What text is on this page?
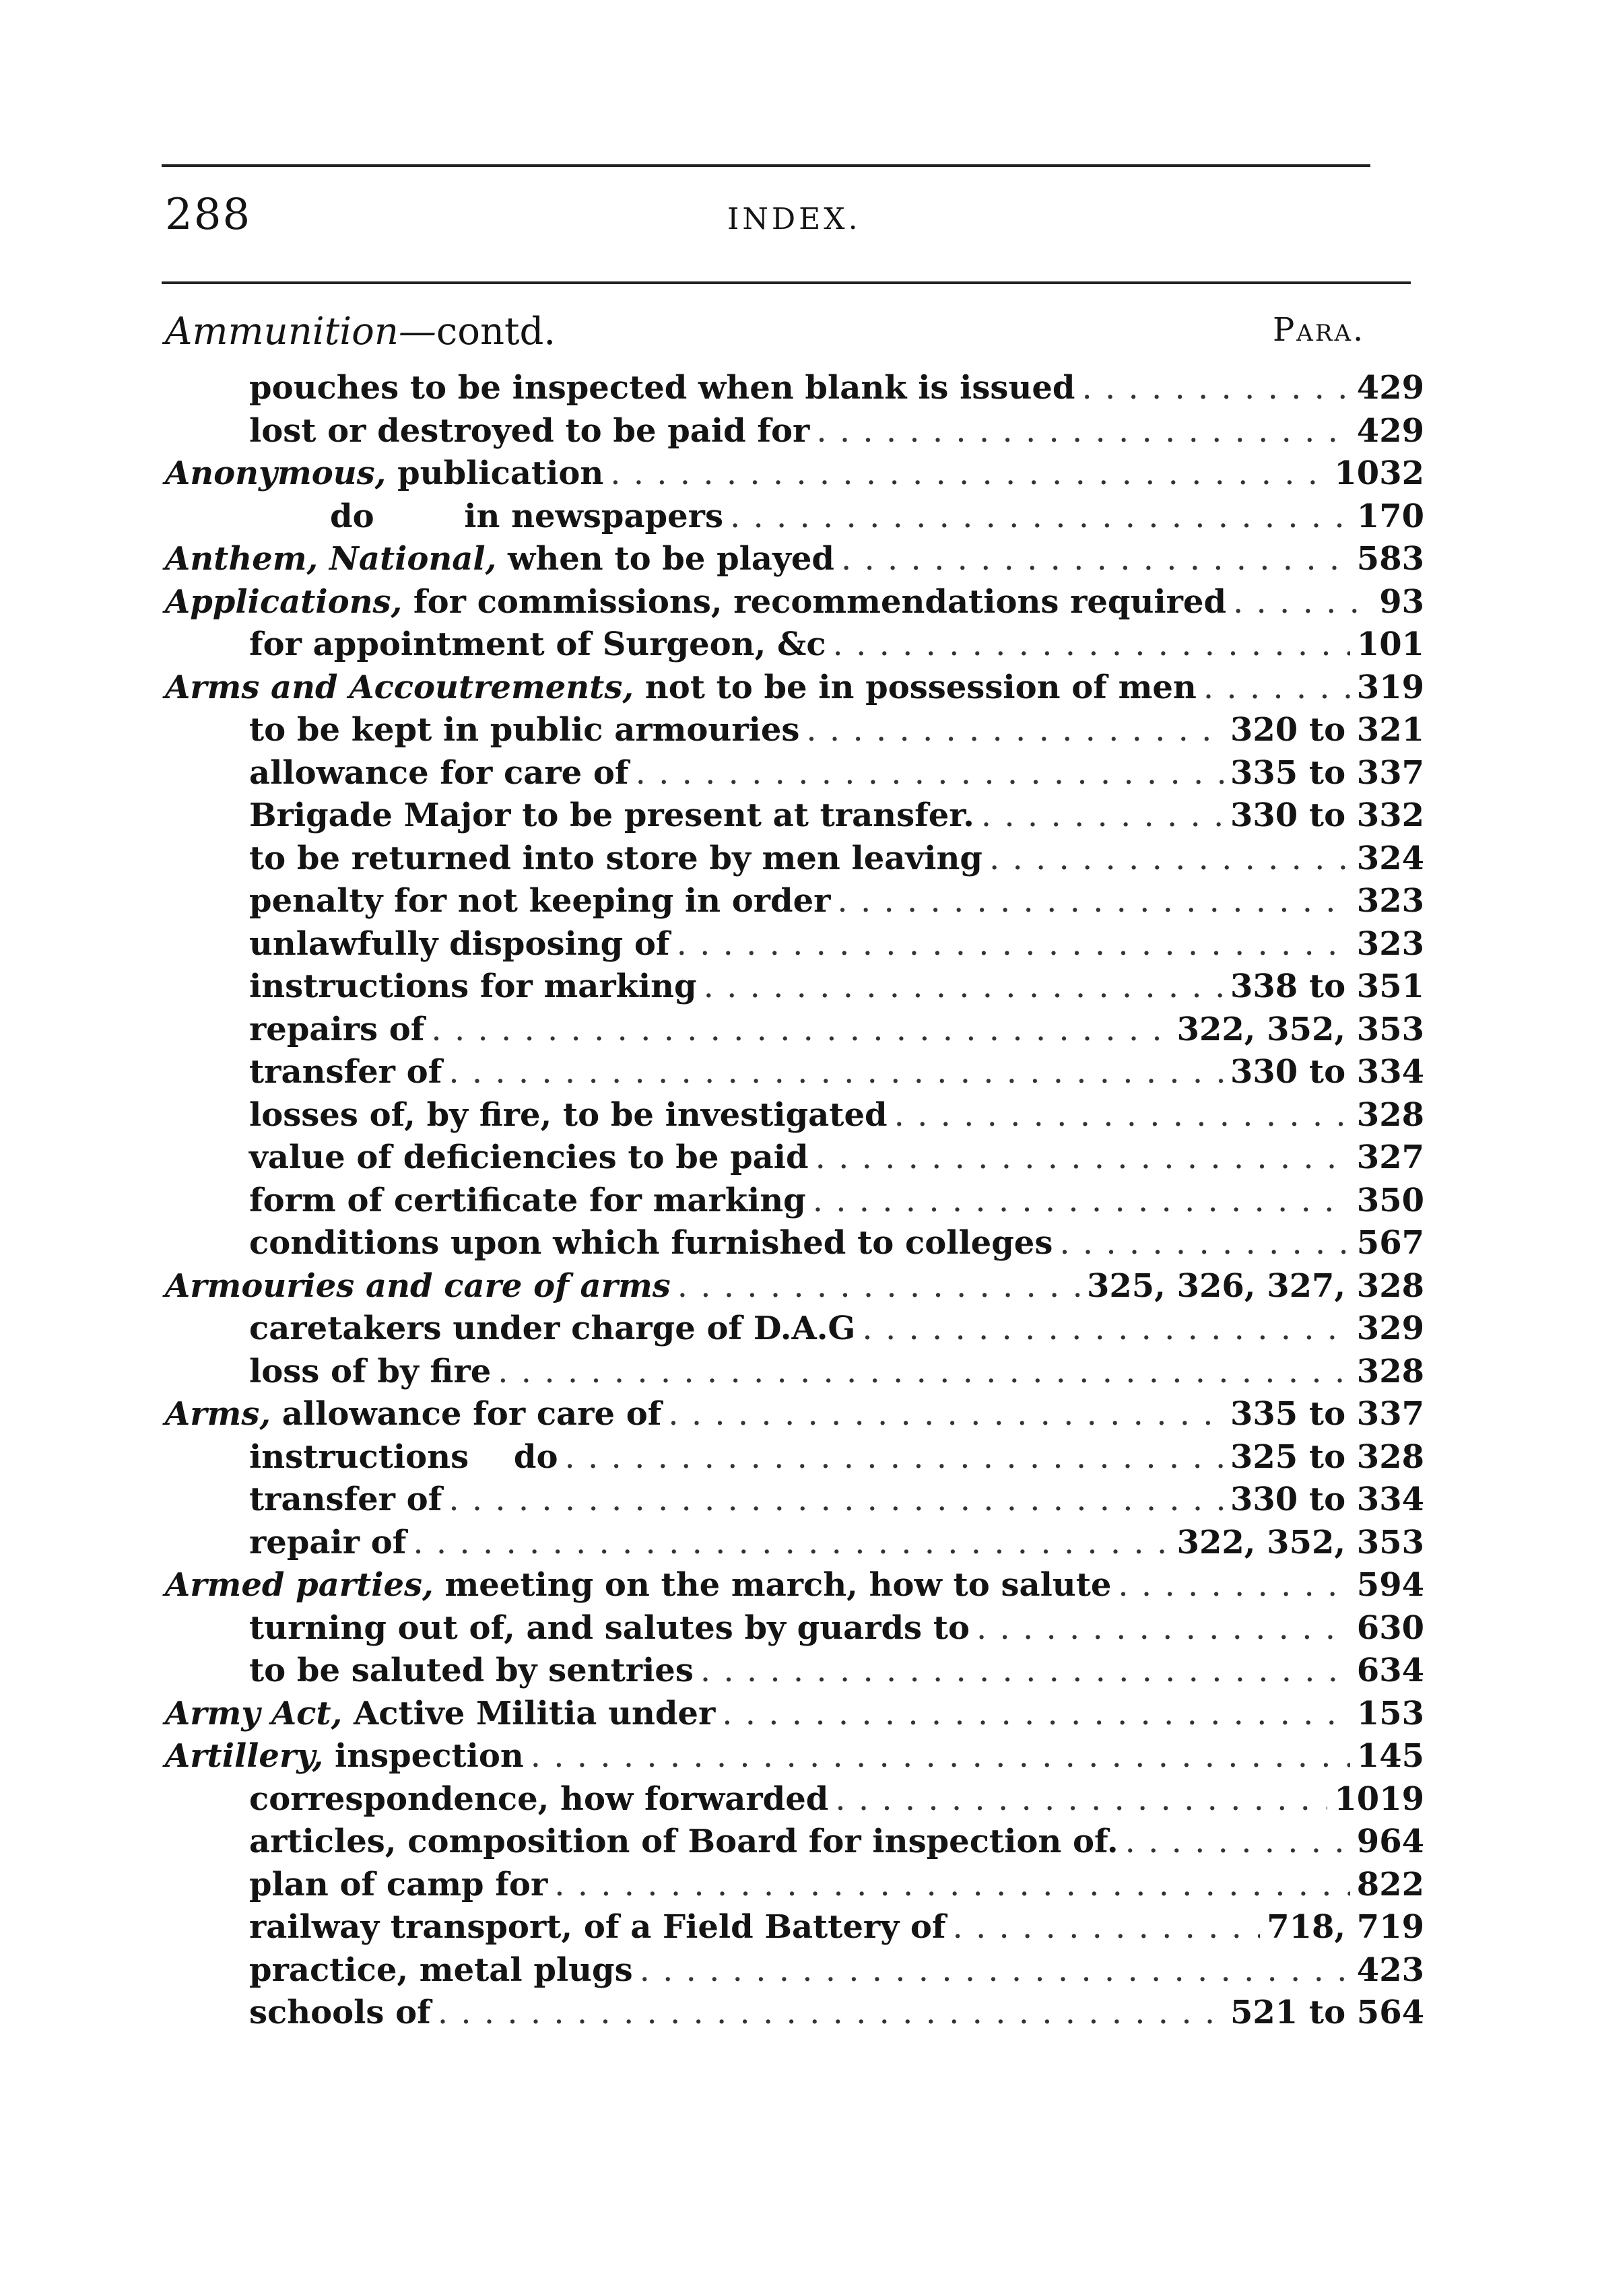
288	INDEX.
Ammunition—contd.	Para.
pouches to be inspected when blank is issued . . .	429
lost or destroyed to be paid for . . .	429
Anonymous, publication . . .	1032
do        in newspapers . . .	170
Anthem, National, when to be played . . .	583
Applications, for commissions, recommendations required . . .	93
for appointment of Surgeon, &c . . .	101
Arms and Accoutrements, not to be in possession of men . . .	319
to be kept in public armouries . . .	320 to 321
allowance for care of . . .	335 to 337
Brigade Major to be present at transfer. . . .	330 to 332
to be returned into store by men leaving . . .	324
penalty for not keeping in order . . .	323
unlawfully disposing of . . .	323
instructions for marking . . .	338 to 351
repairs of . . .	322, 352, 353
transfer of . . .	330 to 334
losses of, by fire, to be investigated . . .	328
value of deficiencies to be paid . . .	327
form of certificate for marking . . .	350
conditions upon which furnished to colleges . . .	567
Armouries and care of arms . . .	325, 326, 327, 328
caretakers under charge of D.A.G . . .	329
loss of by fire . . .	328
Arms, allowance for care of . . .	335 to 337
instructions    do . . .	325 to 328
transfer of . . .	330 to 334
repair of . . .	322, 352, 353
Armed parties, meeting on the march, how to salute . . .	594
turning out of, and salutes by guards to . . .	630
to be saluted by sentries . . .	634
Army Act, Active Militia under . . .	153
Artillery, inspection . . .	145
correspondence, how forwarded . . .	1019
articles, composition of Board for inspection of. . . .	964
plan of camp for . . .	822
railway transport, of a Field Battery of . . .	718, 719
practice, metal plugs . . .	423
schools of . . .	521 to 564
